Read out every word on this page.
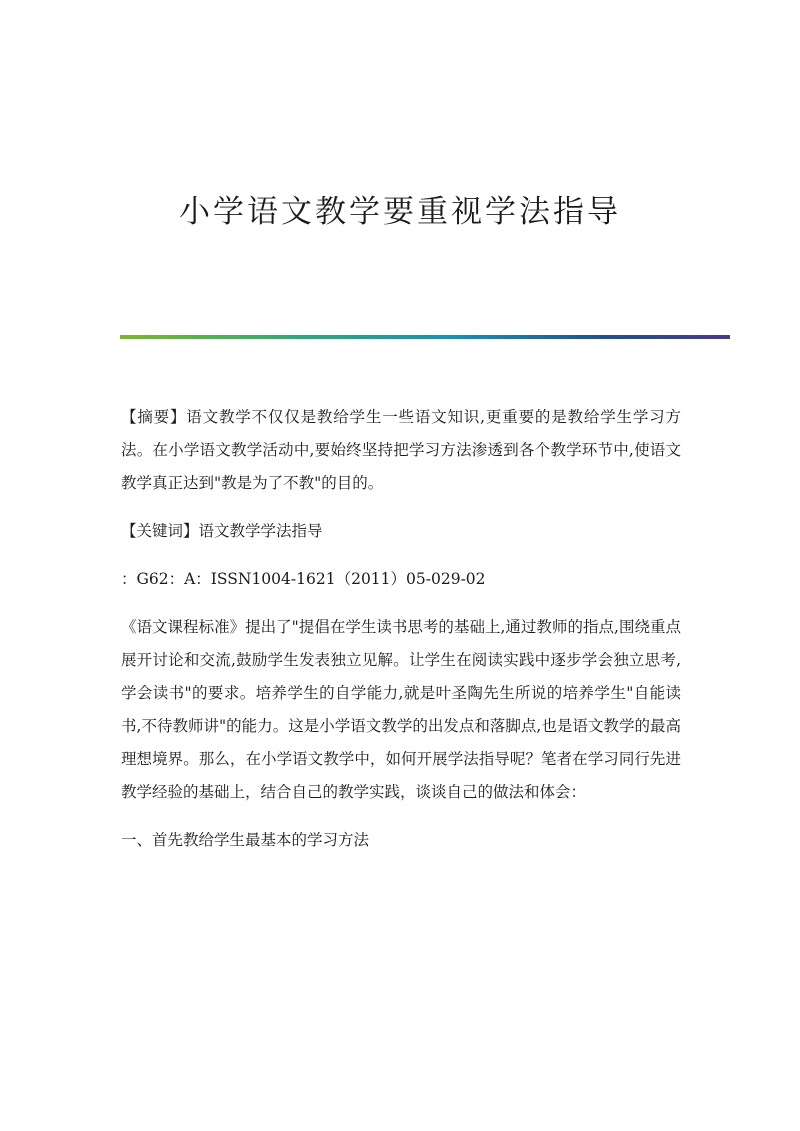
小学语文教学要重视学法指导

【摘要】语文教学不仅仅是教给学生一些语文知识,更重要的是教给学生学习方法。在小学语文教学活动中,要始终坚持把学习方法渗透到各个教学环节中,使语文教学真正达到"教是为了不教"的目的。

【关键词】语文教学学法指导

：G62：A：ISSN1004-1621（2011）05-029-02

《语文课程标准》提出了"提倡在学生读书思考的基础上,通过教师的指点,围绕重点展开讨论和交流,鼓励学生发表独立见解。让学生在阅读实践中逐步学会独立思考,学会读书"的要求。培养学生的自学能力,就是叶圣陶先生所说的培养学生"自能读书,不待教师讲"的能力。这是小学语文教学的出发点和落脚点,也是语文教学的最高理想境界。那么，在小学语文教学中，如何开展学法指导呢？笔者在学习同行先进教学经验的基础上，结合自己的教学实践，谈谈自己的做法和体会：

一、首先教给学生最基本的学习方法
